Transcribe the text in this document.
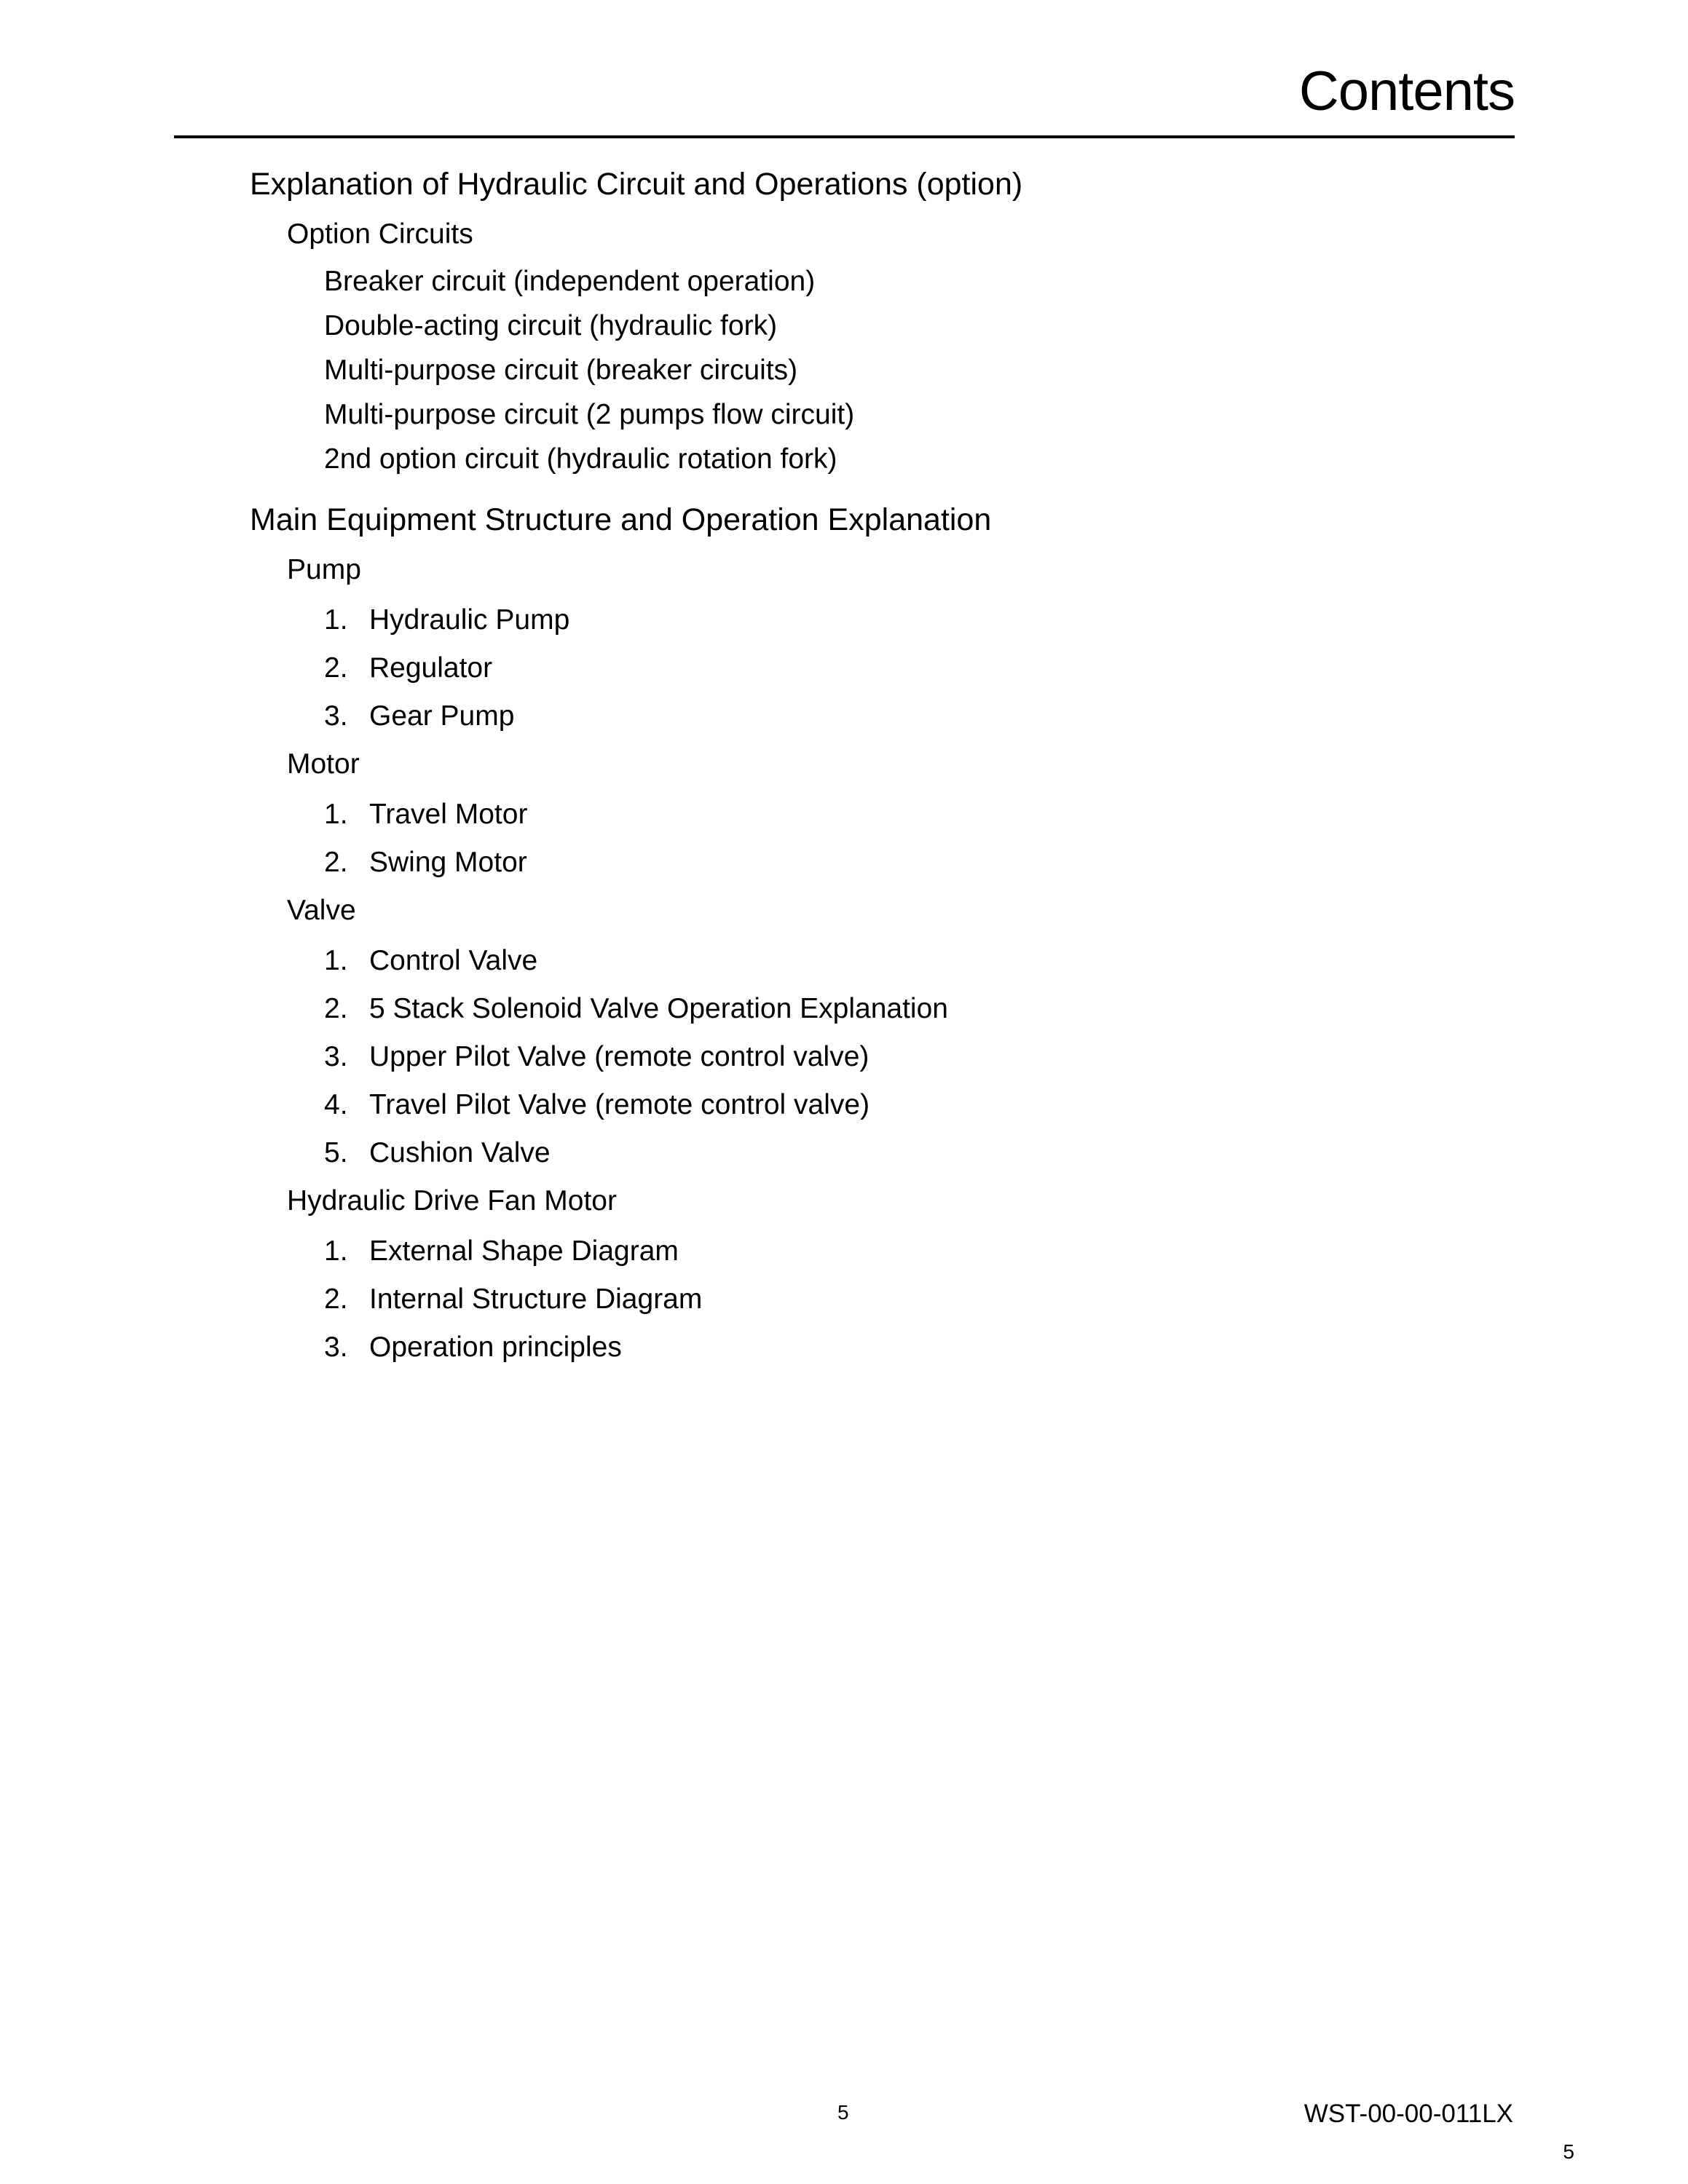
Contents
Explanation of Hydraulic Circuit and Operations (option)
Option Circuits
Breaker circuit (independent operation)
Double-acting circuit (hydraulic fork)
Multi-purpose circuit (breaker circuits)
Multi-purpose circuit (2 pumps flow circuit)
2nd option circuit (hydraulic rotation fork)
Main Equipment Structure and Operation Explanation
Pump
1. Hydraulic Pump
2. Regulator
3. Gear Pump
Motor
1. Travel Motor
2. Swing Motor
Valve
1. Control Valve
2. 5 Stack Solenoid Valve Operation Explanation
3. Upper Pilot Valve (remote control valve)
4. Travel Pilot Valve (remote control valve)
5. Cushion Valve
Hydraulic Drive Fan Motor
1. External Shape Diagram
2. Internal Structure Diagram
3. Operation principles
5	WST-00-00-011LX
5
